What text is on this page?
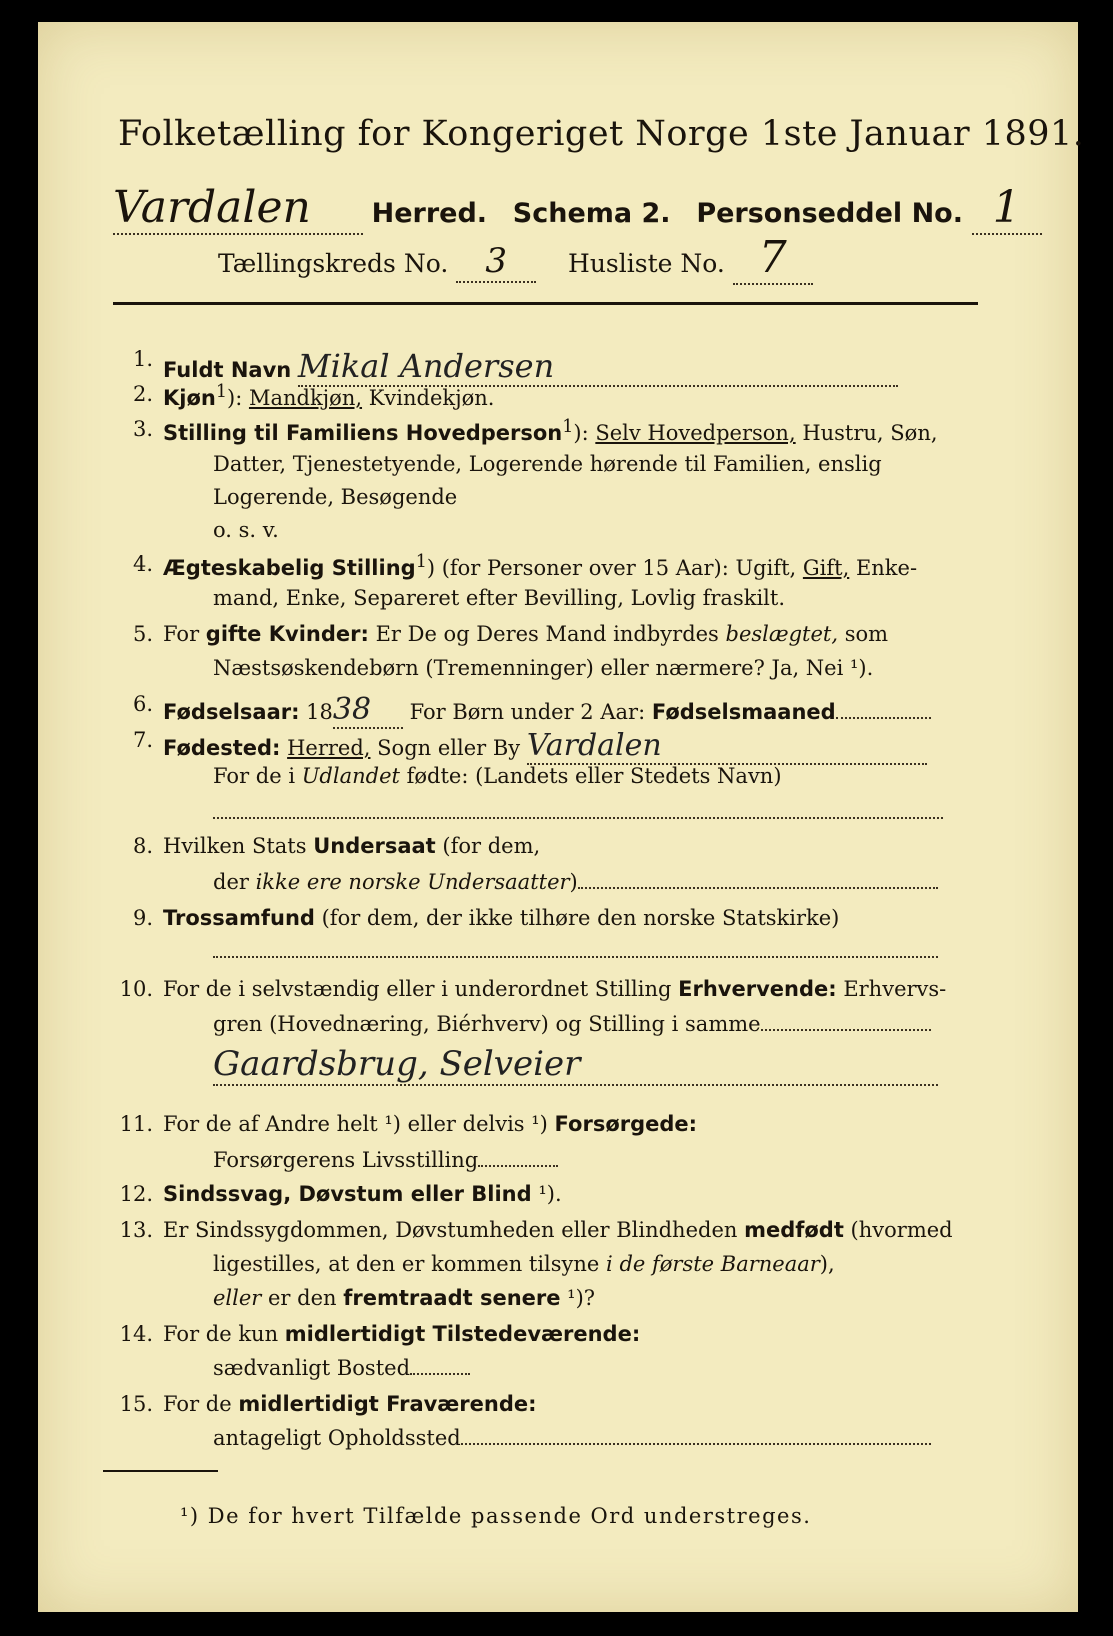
Folketælling for Kongeriget Norge 1ste Januar 1891.
Vardalen Herred. Schema 2. Personseddel No. 1
Tællingskreds No. 3 Husliste No. 7
1. Fuldt Navn Mikal Andersen
2. Kjøn$^1$): Mandkjøn, Kvindekjøn.
3. Stilling til Familiens Hovedperson$^1$): Selv Hovedperson, Hustru, Søn,
Datter, Tjenestetyende, Logerende hørende til Familien, enslig
Logerende, Besøgende
o. s. v.
4. Ægteskabelig Stilling$^1$) (for Personer over 15 Aar): Ugift, Gift, Enke-
mand, Enke, Separeret efter Bevilling, Lovlig fraskilt.
5. For gifte Kvinder: Er De og Deres Mand indbyrdes beslægtet, som
Næstsøskendebørn (Tremenninger) eller nærmere? Ja, Nei ¹).
6. Fødselsaar: 1838 For Børn under 2 Aar: Fødselsmaaned
7. Fødested: Herred, Sogn eller By Vardalen
For de i Udlandet fødte: (Landets eller Stedets Navn)
8. Hvilken Stats Undersaat (for dem,
der ikke ere norske Undersaatter)
9. Trossamfund (for dem, der ikke tilhøre den norske Statskirke)
10. For de i selvstændig eller i underordnet Stilling Erhvervende: Erhvervs-
gren (Hovednæring, Biérhverv) og Stilling i samme
Gaardsbrug, Selveier
11. For de af Andre helt ¹) eller delvis ¹) Forsørgede:
Forsørgerens Livsstilling
12. Sindssvag, Døvstum eller Blind ¹).
13. Er Sindssygdommen, Døvstumheden eller Blindheden medfødt (hvormed
ligestilles, at den er kommen tilsyne i de første Barneaar),
eller er den fremtraadt senere ¹)?
14. For de kun midlertidigt Tilstedeværende:
sædvanligt Bosted
15. For de midlertidigt Fraværende:
antageligt Opholdssted
¹) De for hvert Tilfælde passende Ord understreges.
